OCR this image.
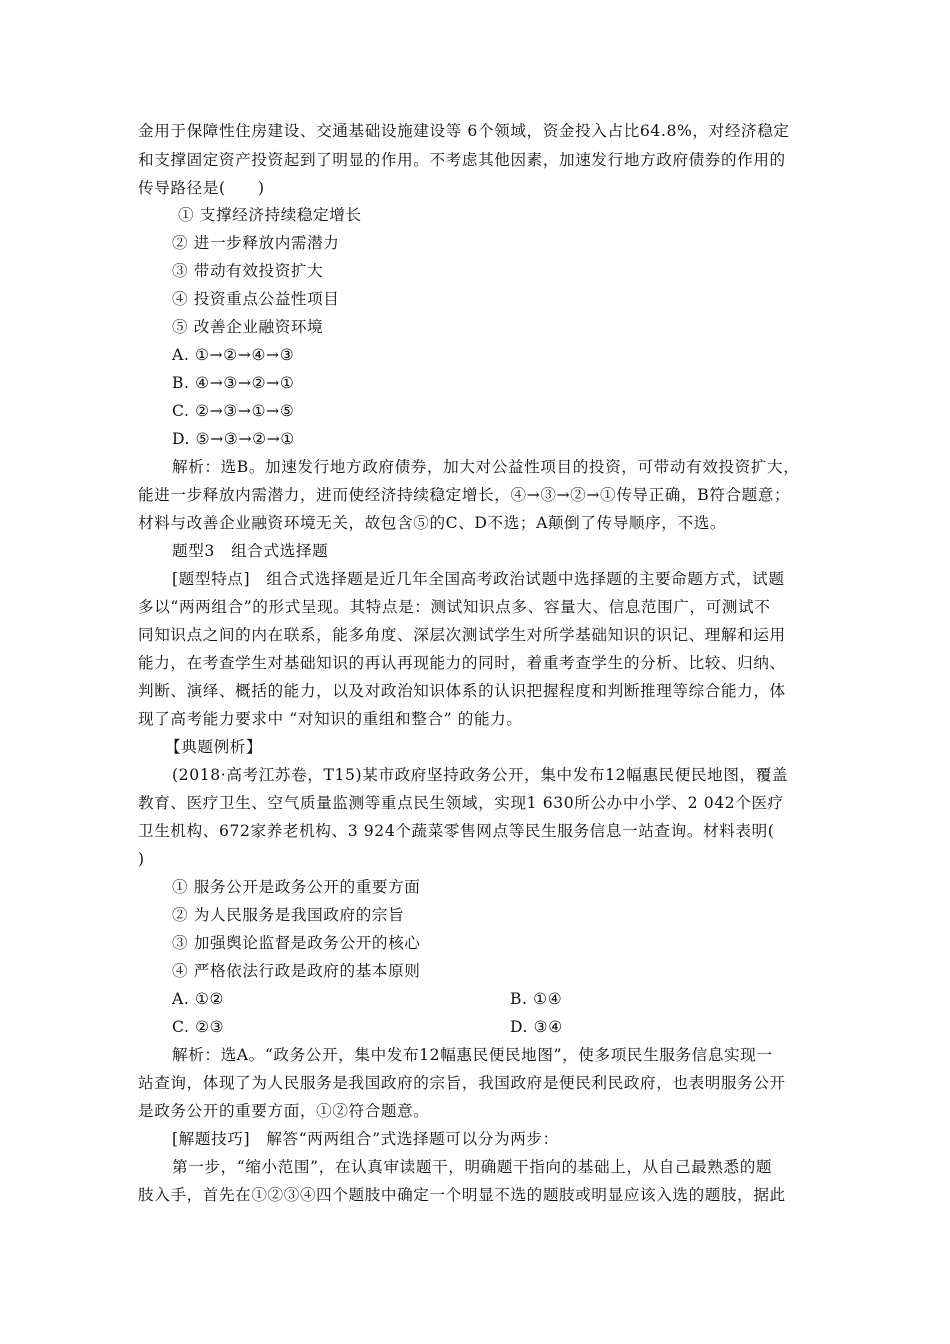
金用于保障性住房建设、交通基础设施建设等 6个领域，资金投入占比64.8%，对经济稳定
和支撑固定资产投资起到了明显的作用。不考虑其他因素，加速发行地方政府债券的作用的
传导路径是(　　)
① 支撑经济持续稳定增长
② 进一步释放内需潜力
③ 带动有效投资扩大
④ 投资重点公益性项目
⑤ 改善企业融资环境
A. ①→②→④→③
B. ④→③→②→①
C. ②→③→①→⑤
D. ⑤→③→②→①
解析：选B。加速发行地方政府债券，加大对公益性项目的投资，可带动有效投资扩大，
能进一步释放内需潜力，进而使经济持续稳定增长，④→③→②→①传导正确，B符合题意；
材料与改善企业融资环境无关，故包含⑤的C、D不选；A颠倒了传导顺序，不选。
题型3　组合式选择题
[题型特点]　组合式选择题是近几年全国高考政治试题中选择题的主要命题方式，试题
多以“两两组合”的形式呈现。其特点是：测试知识点多、容量大、信息范围广，可测试不
同知识点之间的内在联系，能多角度、深层次测试学生对所学基础知识的识记、理解和运用
能力，在考查学生对基础知识的再认再现能力的同时，着重考查学生的分析、比较、归纳、
判断、演绎、概括的能力，以及对政治知识体系的认识把握程度和判断推理等综合能力，体
现了高考能力要求中 “对知识的重组和整合” 的能力。
【典题例析】
(2018·高考江苏卷，T15)某市政府坚持政务公开，集中发布12幅惠民便民地图，覆盖
教育、医疗卫生、空气质量监测等重点民生领域，实现1 630所公办中小学、2 042个医疗
卫生机构、672家养老机构、3 924个蔬菜零售网点等民生服务信息一站查询。材料表明(
)
① 服务公开是政务公开的重要方面
② 为人民服务是我国政府的宗旨
③ 加强舆论监督是政务公开的核心
④ 严格依法行政是政府的基本原则
A. ①②	B. ①④
C. ②③	D. ③④
解析：选A。“政务公开，集中发布12幅惠民便民地图”，使多项民生服务信息实现一
站查询，体现了为人民服务是我国政府的宗旨，我国政府是便民利民政府，也表明服务公开
是政务公开的重要方面，①②符合题意。
[解题技巧]　解答“两两组合”式选择题可以分为两步：
第一步，“缩小范围”，在认真审读题干，明确题干指向的基础上，从自己最熟悉的题
肢入手，首先在①②③④四个题肢中确定一个明显不选的题肢或明显应该入选的题肢，据此
